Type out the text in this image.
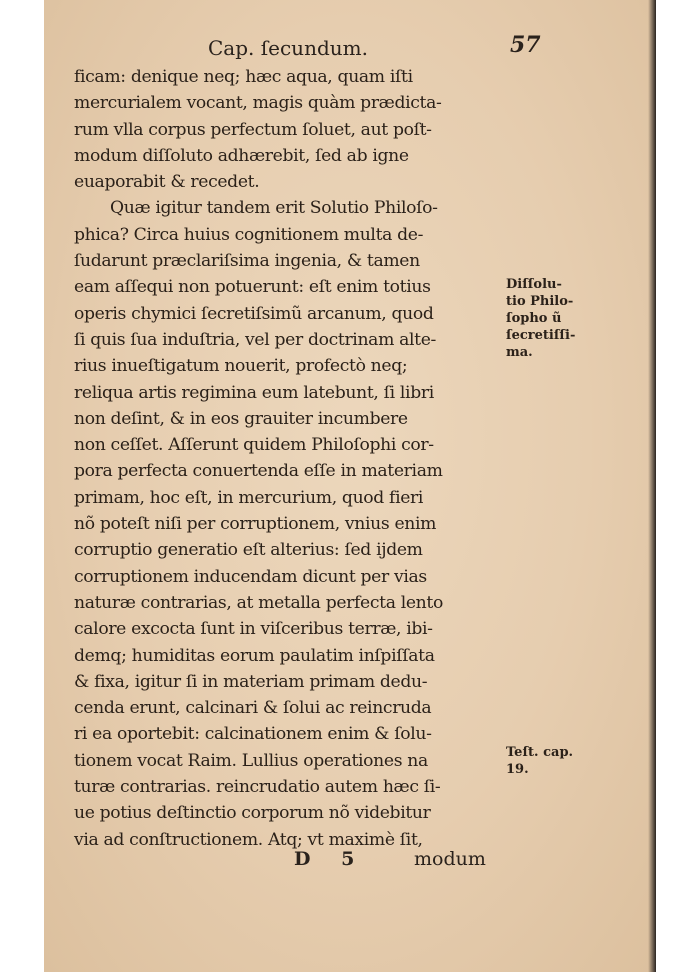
Cap. ſecundum.	57
ficam: denique neq; hæc aqua, quam iſti
mercurialem vocant, magis quàm prædicta-
rum vlla corpus perfectum ſoluet, aut poſt-
modum diſſoluto adhærebit, ſed ab igne
euaporabit & recedet.
Quæ igitur tandem erit Solutio Philoſo-
phica? Circa huius cognitionem multa de-
ſudarunt præclariſsima ingenia, & tamen
eam aſſequi non potuerunt: eſt enim totius
operis chymici ſecretiſsimũ arcanum, quod
ſi quis ſua induſtria, vel per doctrinam alte-
rius inueſtigatum nouerit, profectò neq;
reliqua artis regimina eum latebunt, ſi libri
non deſint, & in eos grauiter incumbere
non ceſſet. Aſſerunt quidem Philoſophi cor-
pora perfecta conuertenda eſſe in materiam
primam, hoc eſt, in mercurium, quod fieri
nõ poteſt niſi per corruptionem, vnius enim
corruptio generatio eſt alterius: ſed ijdem
corruptionem inducendam dicunt per vias
naturæ contrarias, at metalla perfecta lento
calore excocta ſunt in viſceribus terræ, ibi-
demq; humiditas eorum paulatim inſpiſſata
& fixa, igitur ſi in materiam primam dedu-
cenda erunt, calcinari & ſolui ac reincruda
ri ea oportebit: calcinationem enim & ſolu-
tionem vocat Raim. Lullius operationes na
turæ contrarias. reincrudatio autem hæc ſi-
ue potius deſtinctio corporum nõ videbitur
via ad conſtructionem. Atq; vt maximè ſit,
Diſſolu-
tio Philo-
ſopho ũ
ſecretiſſi-
ma.
Teſt. cap.
19.
D 5	modum
